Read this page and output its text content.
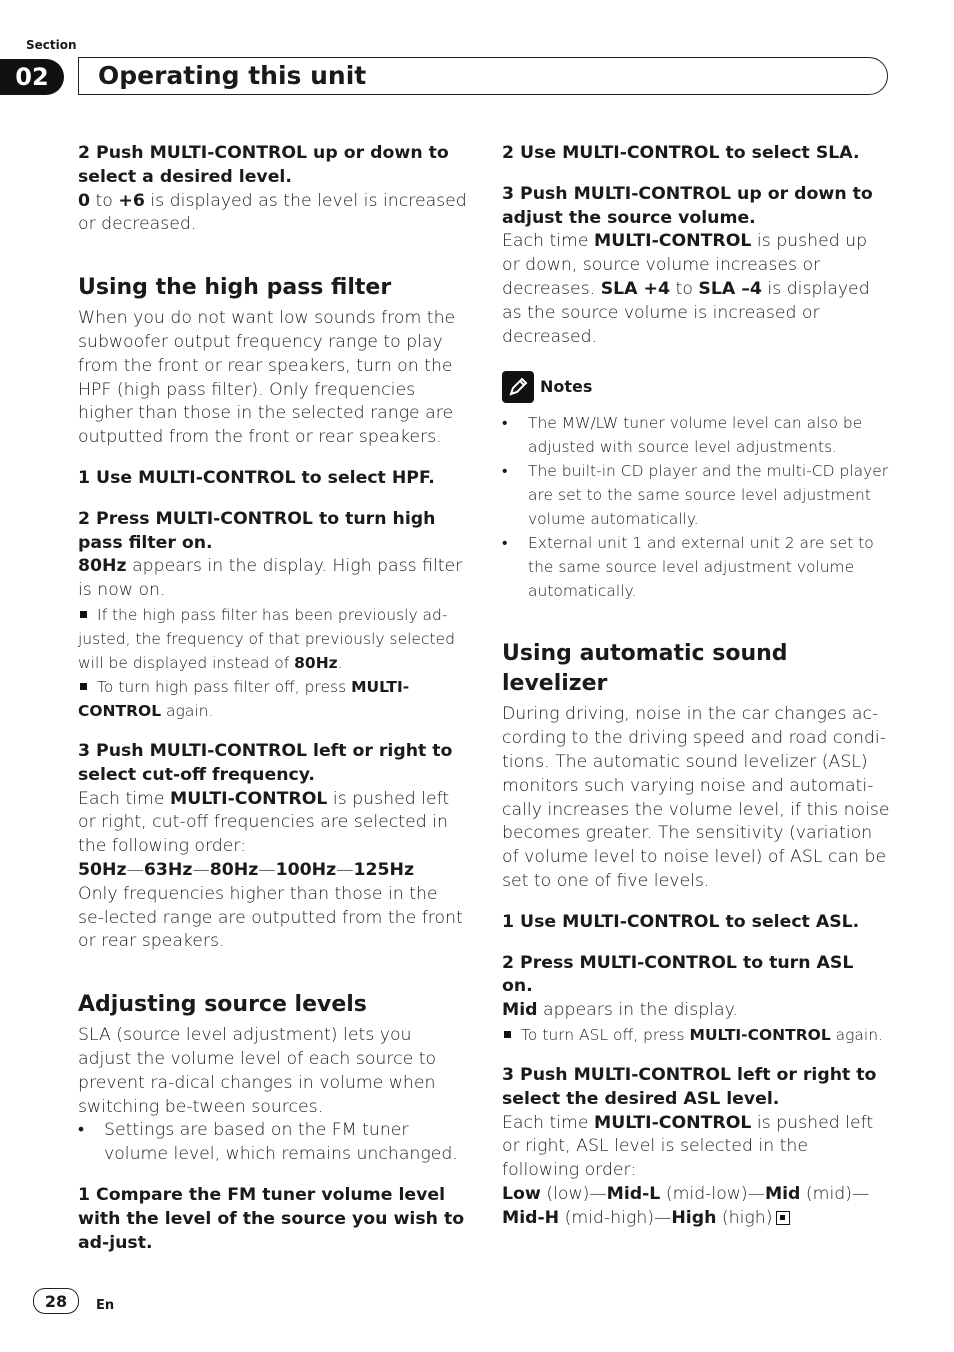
Section
02	Operating this unit

2 Push MULTI-CONTROL up or down to select a desired level.

0 to +6 is displayed as the level is increased or decreased.

Using the high pass filter

When you do not want low sounds from the subwoofer output frequency range to play from the front or rear speakers, turn on the HPF (high pass filter). Only frequencies higher than those in the selected range are outputted from the front or rear speakers.

1 Use MULTI-CONTROL to select HPF.

2 Press MULTI-CONTROL to turn high pass filter on.

80Hz appears in the display. High pass filter is now on.

If the high pass filter has been previously ad-justed, the frequency of that previously selected will be displayed instead of 80Hz.

To turn high pass filter off, press MULTI-CONTROL again.

3 Push MULTI-CONTROL left or right to select cut-off frequency.

Each time MULTI-CONTROL is pushed left or right, cut-off frequencies are selected in the following order:

50Hz—63Hz—80Hz—100Hz—125Hz

Only frequencies higher than those in the se-lected range are outputted from the front or rear speakers.

Adjusting source levels

SLA (source level adjustment) lets you adjust the volume level of each source to prevent ra-dical changes in volume when switching be-tween sources.

•	Settings are based on the FM tuner volume level, which remains unchanged.

1 Compare the FM tuner volume level with the level of the source you wish to ad-just.

2 Use MULTI-CONTROL to select SLA.

3 Push MULTI-CONTROL up or down to adjust the source volume.

Each time MULTI-CONTROL is pushed up or down, source volume increases or decreases. SLA +4 to SLA –4 is displayed as the source volume is increased or decreased.

Notes
•	The MW/LW tuner volume level can also be adjusted with source level adjustments.
•	The built-in CD player and the multi-CD player are set to the same source level adjustment volume automatically.
•	External unit 1 and external unit 2 are set to the same source level adjustment volume automatically.
Using automatic sound levelizer

During driving, noise in the car changes ac-cording to the driving speed and road condi-tions. The automatic sound levelizer (ASL) monitors such varying noise and automati-cally increases the volume level, if this noise becomes greater. The sensitivity (variation of volume level to noise level) of ASL can be set to one of five levels.

1 Use MULTI-CONTROL to select ASL.

2 Press MULTI-CONTROL to turn ASL on.

Mid appears in the display.

To turn ASL off, press MULTI-CONTROL again.

3 Push MULTI-CONTROL left or right to select the desired ASL level.

Each time MULTI-CONTROL is pushed left or right, ASL level is selected in the following order:

Low (low)—Mid-L (mid-low)—Mid (mid)—Mid-H (mid-high)—High (high)

28	En
